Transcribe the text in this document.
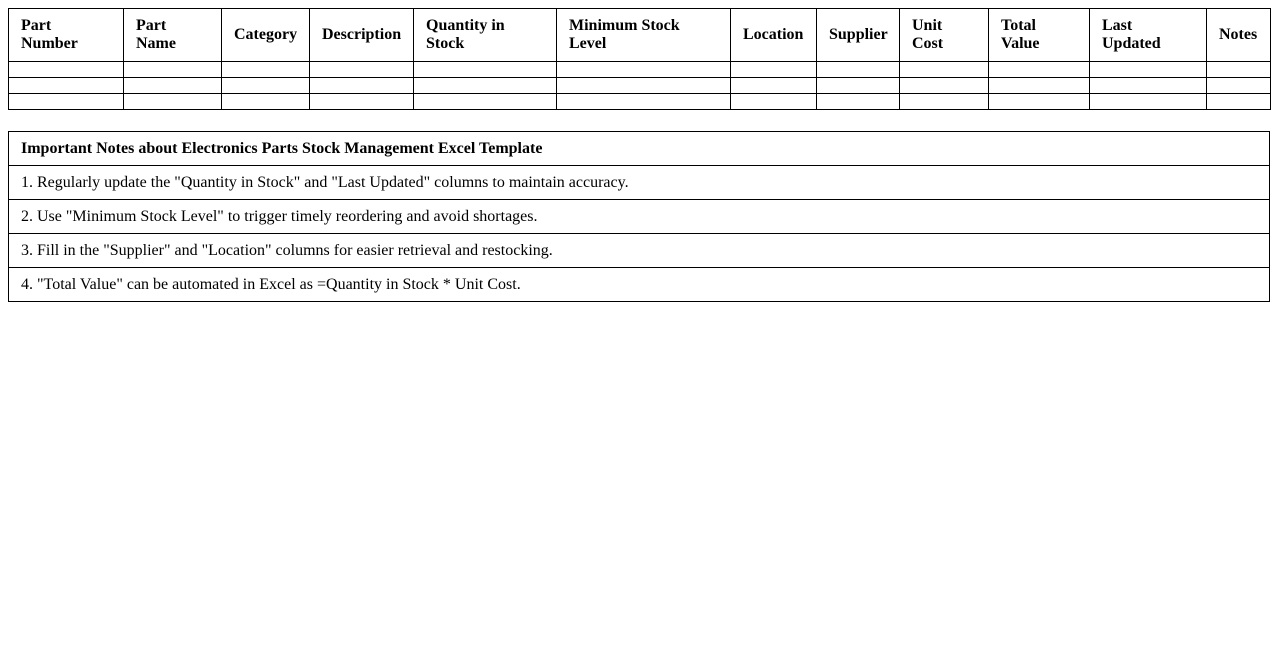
Part Number	Part Name	Category	Description	Quantity in Stock	Minimum Stock Level	Location	Supplier	Unit Cost	Total Value	Last Updated	Notes

Important Notes about Electronics Parts Stock Management Excel Template
1. Regularly update the "Quantity in Stock" and "Last Updated" columns to maintain accuracy.
2. Use "Minimum Stock Level" to trigger timely reordering and avoid shortages.
3. Fill in the "Supplier" and "Location" columns for easier retrieval and restocking.
4. "Total Value" can be automated in Excel as =Quantity in Stock * Unit Cost.
